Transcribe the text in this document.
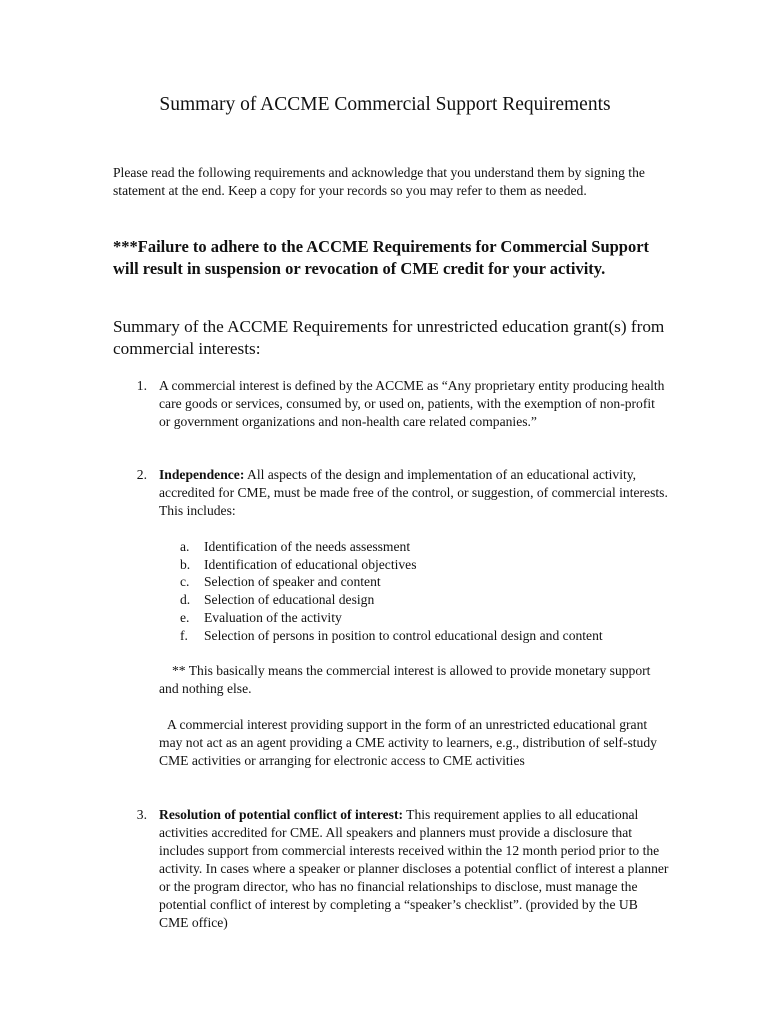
Summary of ACCME Commercial Support Requirements
Please read the following requirements and acknowledge that you understand them by signing the statement at the end. Keep a copy for your records so you may refer to them as needed.
***Failure to adhere to the ACCME Requirements for Commercial Support will result in suspension or revocation of CME credit for your activity.
Summary of the ACCME Requirements for unrestricted education grant(s) from commercial interests:
1. A commercial interest is defined by the ACCME as “Any proprietary entity producing health care goods or services, consumed by, or used on, patients, with the exemption of non-profit or government organizations and non-health care related companies.”
2. Independence: All aspects of the design and implementation of an educational activity, accredited for CME, must be made free of the control, or suggestion, of commercial interests. This includes:
a. Identification of the needs assessment
b. Identification of educational objectives
c. Selection of speaker and content
d. Selection of educational design
e. Evaluation of the activity
f. Selection of persons in position to control educational design and content
** This basically means the commercial interest is allowed to provide monetary support and nothing else.
A commercial interest providing support in the form of an unrestricted educational grant may not act as an agent providing a CME activity to learners, e.g., distribution of self-study CME activities or arranging for electronic access to CME activities
3. Resolution of potential conflict of interest: This requirement applies to all educational activities accredited for CME. All speakers and planners must provide a disclosure that includes support from commercial interests received within the 12 month period prior to the activity. In cases where a speaker or planner discloses a potential conflict of interest a planner or the program director, who has no financial relationships to disclose, must manage the potential conflict of interest by completing a “speaker’s checklist”. (provided by the UB CME office)
